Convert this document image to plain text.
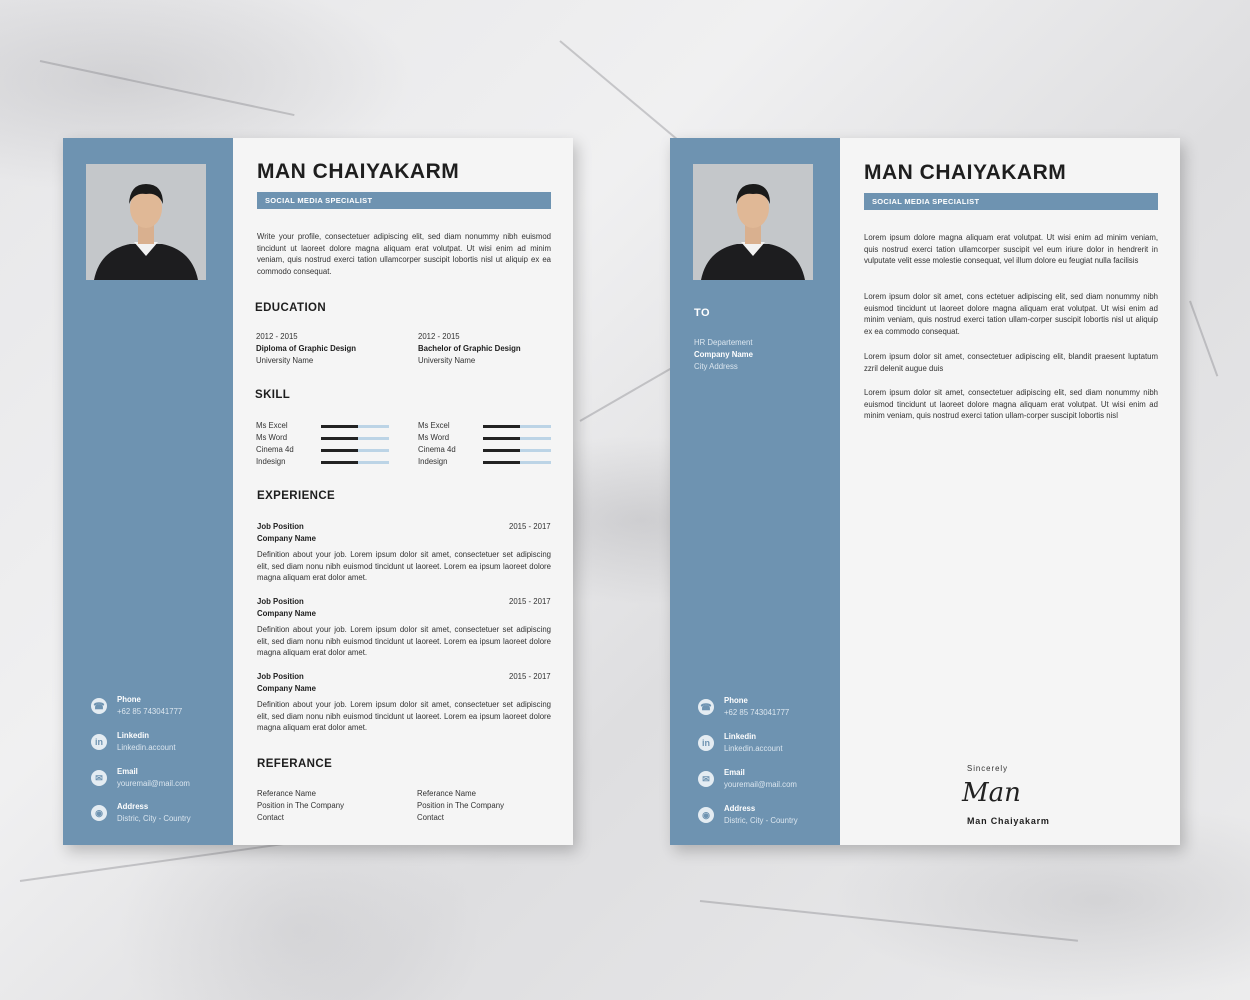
☎
Phone
+62 85 743041777
in
Linkedin
Linkedin.account
✉
Email
youremail@mail.com
◉
Address
Distric, City - Country
MAN CHAIYAKARM
SOCIAL MEDIA SPECIALIST
Write your profile, consectetuer adipiscing elit, sed diam nonummy nibh euismod tincidunt ut laoreet dolore magna aliquam erat volutpat. Ut wisi enim ad minim veniam, quis nostrud exerci tation ullamcorper suscipit lobortis nisl ut aliquip ex ea commodo consequat.
EDUCATION
2012 - 2015
Diploma of Graphic Design
University Name
2012 - 2015
Bachelor of Graphic Design
University Name
SKILL
Ms Excel
Ms Word
Cinema 4d
Indesign
Ms Excel
Ms Word
Cinema 4d
Indesign
EXPERIENCE
Job Position
Company Name
2015 - 2017
Definition about your job. Lorem ipsum dolor sit amet, consectetuer set adipiscing elit, sed diam nonu nibh euismod tincidunt ut laoreet. Lorem ea ipsum laoreet dolore magna aliquam erat dolor amet.
Job Position
Company Name
2015 - 2017
Definition about your job. Lorem ipsum dolor sit amet, consectetuer set adipiscing elit, sed diam nonu nibh euismod tincidunt ut laoreet. Lorem ea ipsum laoreet dolore magna aliquam erat dolor amet.
Job Position
Company Name
2015 - 2017
Definition about your job. Lorem ipsum dolor sit amet, consectetuer set adipiscing elit, sed diam nonu nibh euismod tincidunt ut laoreet. Lorem ea ipsum laoreet dolore magna aliquam erat dolor amet.
REFERANCE
Referance Name
Position in The Company
Contact
Referance Name
Position in The Company
Contact
TO
HR Departement
Company Name
City Address
☎
Phone
+62 85 743041777
in
Linkedin
Linkedin.account
✉
Email
youremail@mail.com
◉
Address
Distric, City - Country
MAN CHAIYAKARM
SOCIAL MEDIA SPECIALIST
Lorem ipsum dolore magna aliquam erat volutpat. Ut wisi enim ad minim veniam, quis nostrud exerci tation ullamcorper suscipit vel eum iriure dolor in hendrerit in vulputate velit esse molestie consequat, vel illum dolore eu feugiat nulla facilisis
Lorem ipsum dolor sit amet, cons ectetuer adipiscing elit, sed diam nonummy nibh euismod tincidunt ut laoreet dolore magna aliquam erat volutpat. Ut wisi enim ad minim veniam, quis nostrud exerci tation ullam-corper suscipit lobortis nisl ut aliquip ex ea commodo consequat.
Lorem ipsum dolor sit amet, consectetuer adipiscing elit, blandit praesent luptatum zzril delenit augue duis
Lorem ipsum dolor sit amet, consectetuer adipiscing elit, sed diam nonummy nibh euismod tincidunt ut laoreet dolore magna aliquam erat volutpat. Ut wisi enim ad minim veniam, quis nostrud exerci tation ullam-corper suscipit lobortis nisl
Sincerely
Man
Man Chaiyakarm
